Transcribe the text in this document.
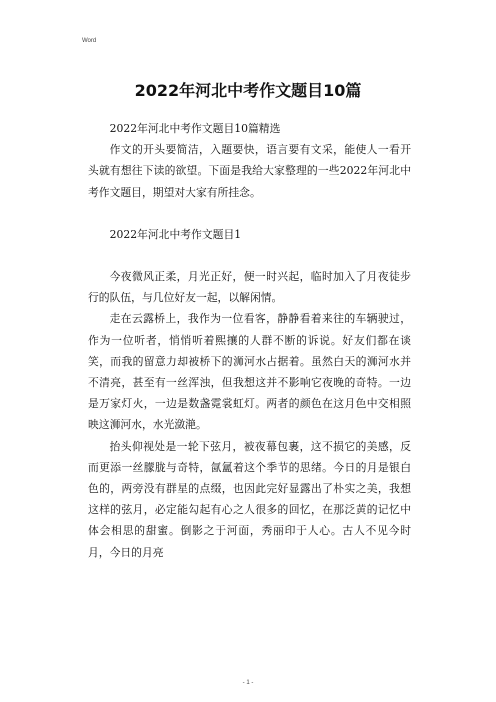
Word
2022年河北中考作文题目10篇

2022年河北中考作文题目10篇精选

作文的开头要简洁，入题要快，语言要有文采，能使人一看开头就有想往下读的欲望。下面是我给大家整理的一些2022年河北中考作文题目，期望对大家有所挂念。

2022年河北中考作文题目1

今夜微风正柔，月光正好，便一时兴起，临时加入了月夜徒步行的队伍，与几位好友一起，以解闲情。

走在云露桥上，我作为一位看客，静静看着来往的车辆驶过，作为一位听者，悄悄听着熙攘的人群不断的诉说。好友们都在谈笑，而我的留意力却被桥下的浉河水占据着。虽然白天的浉河水并不清亮，甚至有一丝浑浊，但我想这并不影响它夜晚的奇特。一边是万家灯火，一边是数盏霓裳虹灯。两者的颜色在这月色中交相照映这浉河水，水光潋滟。

抬头仰视处是一轮下弦月，被夜幕包裹，这不损它的美感，反而更添一丝朦胧与奇特，氤氲着这个季节的思绪。今日的月是银白色的，两旁没有群星的点缀，也因此完好显露出了朴实之美，我想这样的弦月，必定能勾起有心之人很多的回忆，在那泛黄的记忆中体会相思的甜蜜。倒影之于河面，秀丽印于人心。古人不见今时月，今日的月亮

- 1 -
